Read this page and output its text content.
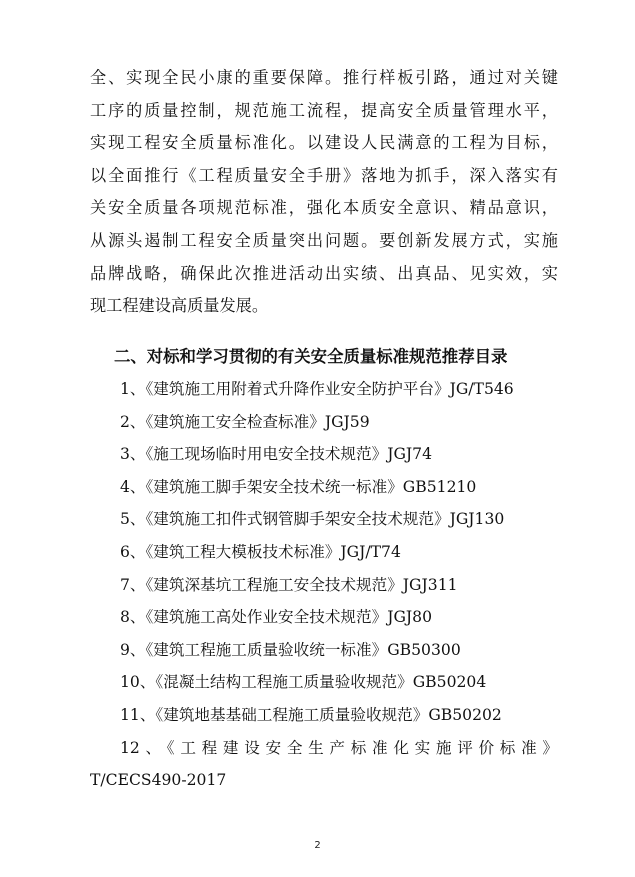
全、实现全民小康的重要保障。推行样板引路，通过对关键
工序的质量控制，规范施工流程，提高安全质量管理水平，
实现工程安全质量标准化。以建设人民满意的工程为目标，
以全面推行《工程质量安全手册》落地为抓手，深入落实有
关安全质量各项规范标准，强化本质安全意识、精品意识，
从源头遏制工程安全质量突出问题。要创新发展方式，实施
品牌战略，确保此次推进活动出实绩、出真品、见实效，实
现工程建设高质量发展。
二、对标和学习贯彻的有关安全质量标准规范推荐目录
1、《建筑施工用附着式升降作业安全防护平台》JG/T546
2、《建筑施工安全检查标准》JGJ59
3、《施工现场临时用电安全技术规范》JGJ74
4、《建筑施工脚手架安全技术统一标准》GB51210
5、《建筑施工扣件式钢管脚手架安全技术规范》JGJ130
6、《建筑工程大模板技术标准》JGJ/T74
7、《建筑深基坑工程施工安全技术规范》JGJ311
8、《建筑施工高处作业安全技术规范》JGJ80
9、《建筑工程施工质量验收统一标准》GB50300
10、《混凝土结构工程施工质量验收规范》GB50204
11、《建筑地基基础工程施工质量验收规范》GB50202
12、《工程建设安全生产标准化实施评价标准》
T/CECS490-2017
2
